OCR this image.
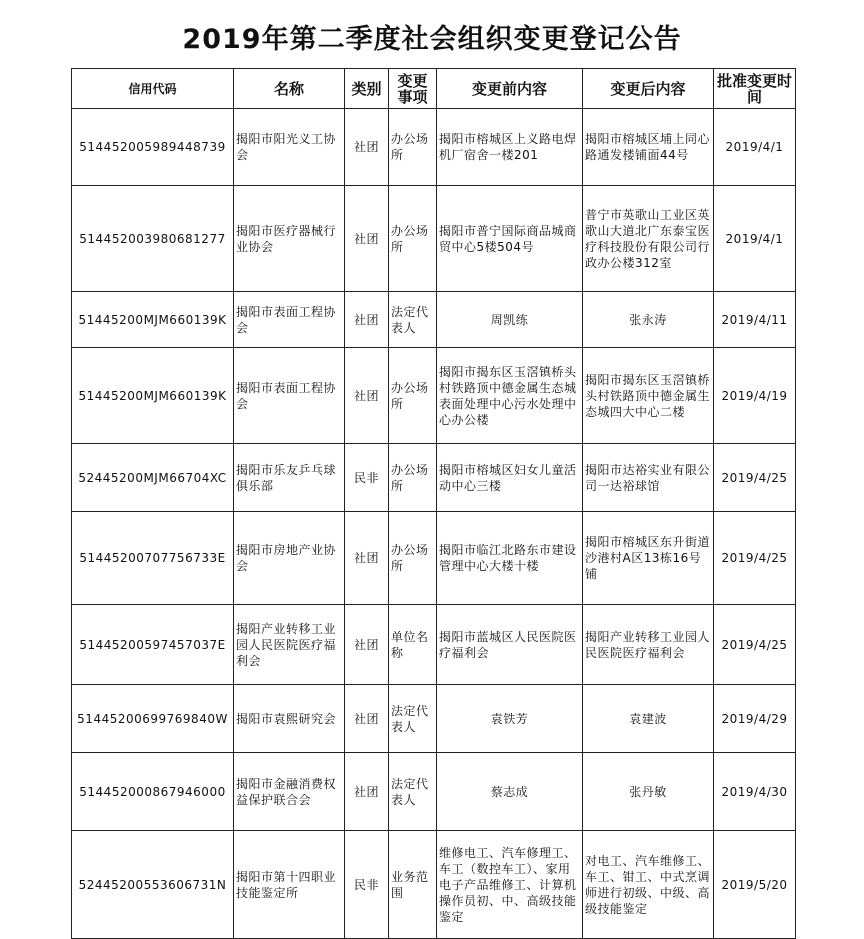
2019年第二季度社会组织变更登记公告
信用代码	名称	类别	变更事项	变更前内容	变更后内容	批准变更时间
514452005989448739	揭阳市阳光义工协会	社团	办公场所	揭阳市榕城区上义路电焊机厂宿舍一楼201	揭阳市榕城区埔上同心路通发楼铺面44号	2019/4/1
514452003980681277	揭阳市医疗器械行业协会	社团	办公场所	揭阳市普宁国际商品城商贸中心5楼504号	普宁市英歌山工业区英歌山大道北广东泰宝医疗科技股份有限公司行政办公楼312室	2019/4/1
51445200MJM660139K	揭阳市表面工程协会	社团	法定代表人	周凯练	张永涛	2019/4/11
51445200MJM660139K	揭阳市表面工程协会	社团	办公场所	揭阳市揭东区玉滘镇桥头村铁路顶中德金属生态城表面处理中心污水处理中心办公楼	揭阳市揭东区玉滘镇桥头村铁路顶中德金属生态城四大中心二楼	2019/4/19
52445200MJM66704XC	揭阳市乐友乒乓球俱乐部	民非	办公场所	揭阳市榕城区妇女儿童活动中心三楼	揭阳市达裕实业有限公司一达裕球馆	2019/4/25
51445200707756733E	揭阳市房地产业协会	社团	办公场所	揭阳市临江北路东市建设管理中心大楼十楼	揭阳市榕城区东升街道沙港村A区13栋16号铺	2019/4/25
51445200597457037E	揭阳产业转移工业园人民医院医疗福利会	社团	单位名称	揭阳市蓝城区人民医院医疗福利会	揭阳产业转移工业园人民医院医疗福利会	2019/4/25
51445200699769840W	揭阳市袁熙研究会	社团	法定代表人	袁铁芳	袁建波	2019/4/29
514452000867946000	揭阳市金融消费权益保护联合会	社团	法定代表人	蔡志成	张丹敏	2019/4/30
52445200553606731N	揭阳市第十四职业技能鉴定所	民非	业务范围	维修电工、汽车修理工、车工（数控车工）、家用电子产品维修工、计算机操作员初、中、高级技能鉴定	对电工、汽车维修工、车工、钳工、中式烹调师进行初级、中级、高级技能鉴定	2019/5/20
